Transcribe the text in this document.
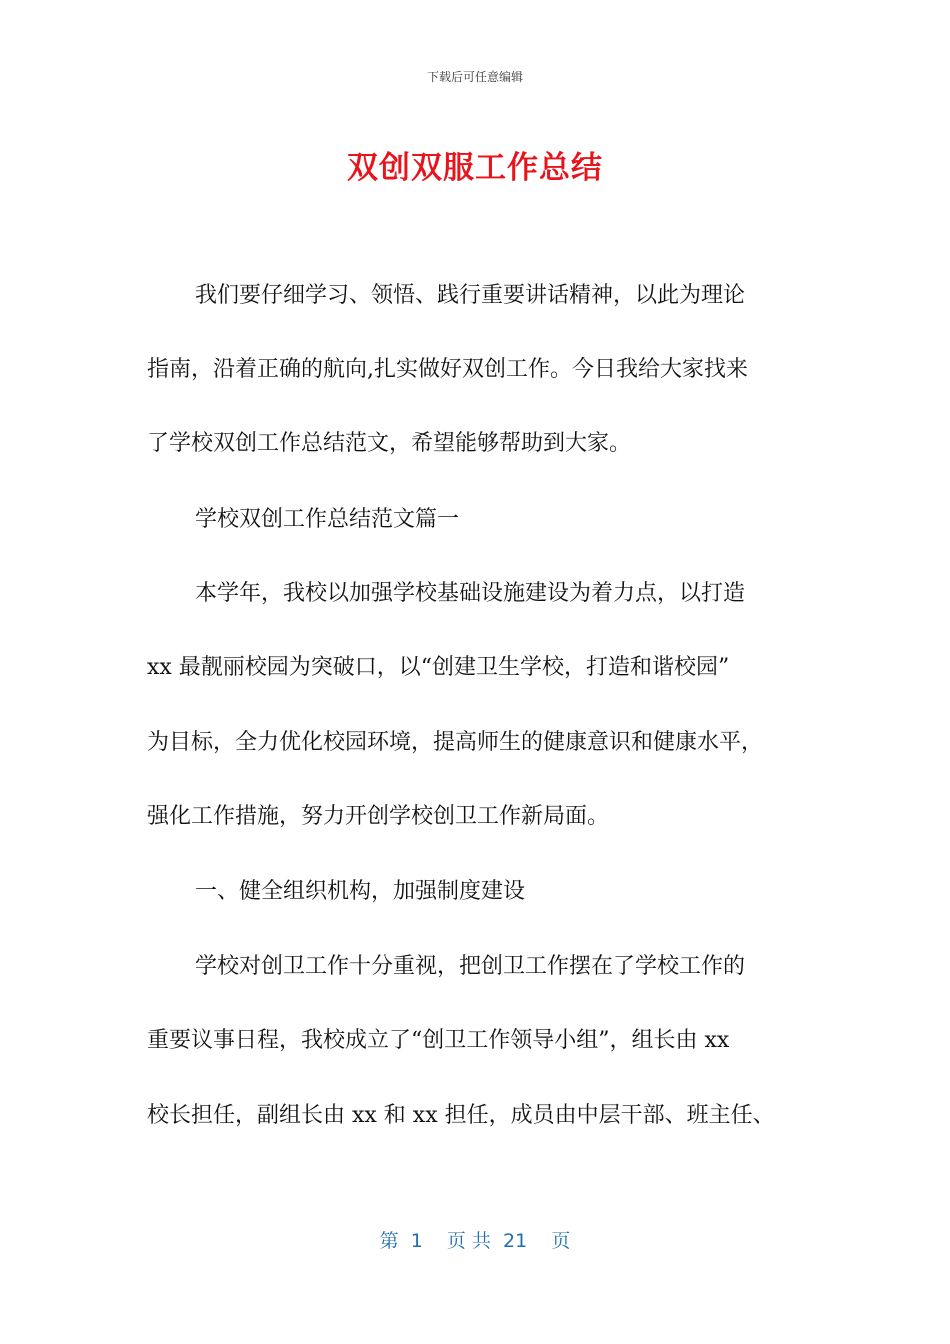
下载后可任意编辑
双创双服工作总结
我们要仔细学习、领悟、践行重要讲话精神，以此为理论
指南，沿着正确的航向,扎实做好双创工作。今日我给大家找来
了学校双创工作总结范文，希望能够帮助到大家。
学校双创工作总结范文篇一
本学年，我校以加强学校基础设施建设为着力点，以打造
xx 最靓丽校园为突破口，以“创建卫生学校，打造和谐校园”
为目标，全力优化校园环境，提高师生的健康意识和健康水平，
强化工作措施，努力开创学校创卫工作新局面。
一、健全组织机构，加强制度建设
学校对创卫工作十分重视，把创卫工作摆在了学校工作的
重要议事日程，我校成立了“创卫工作领导小组”，组长由 xx
校长担任，副组长由 xx 和 xx 担任，成员由中层干部、班主任、
第  1    页 共  21    页
